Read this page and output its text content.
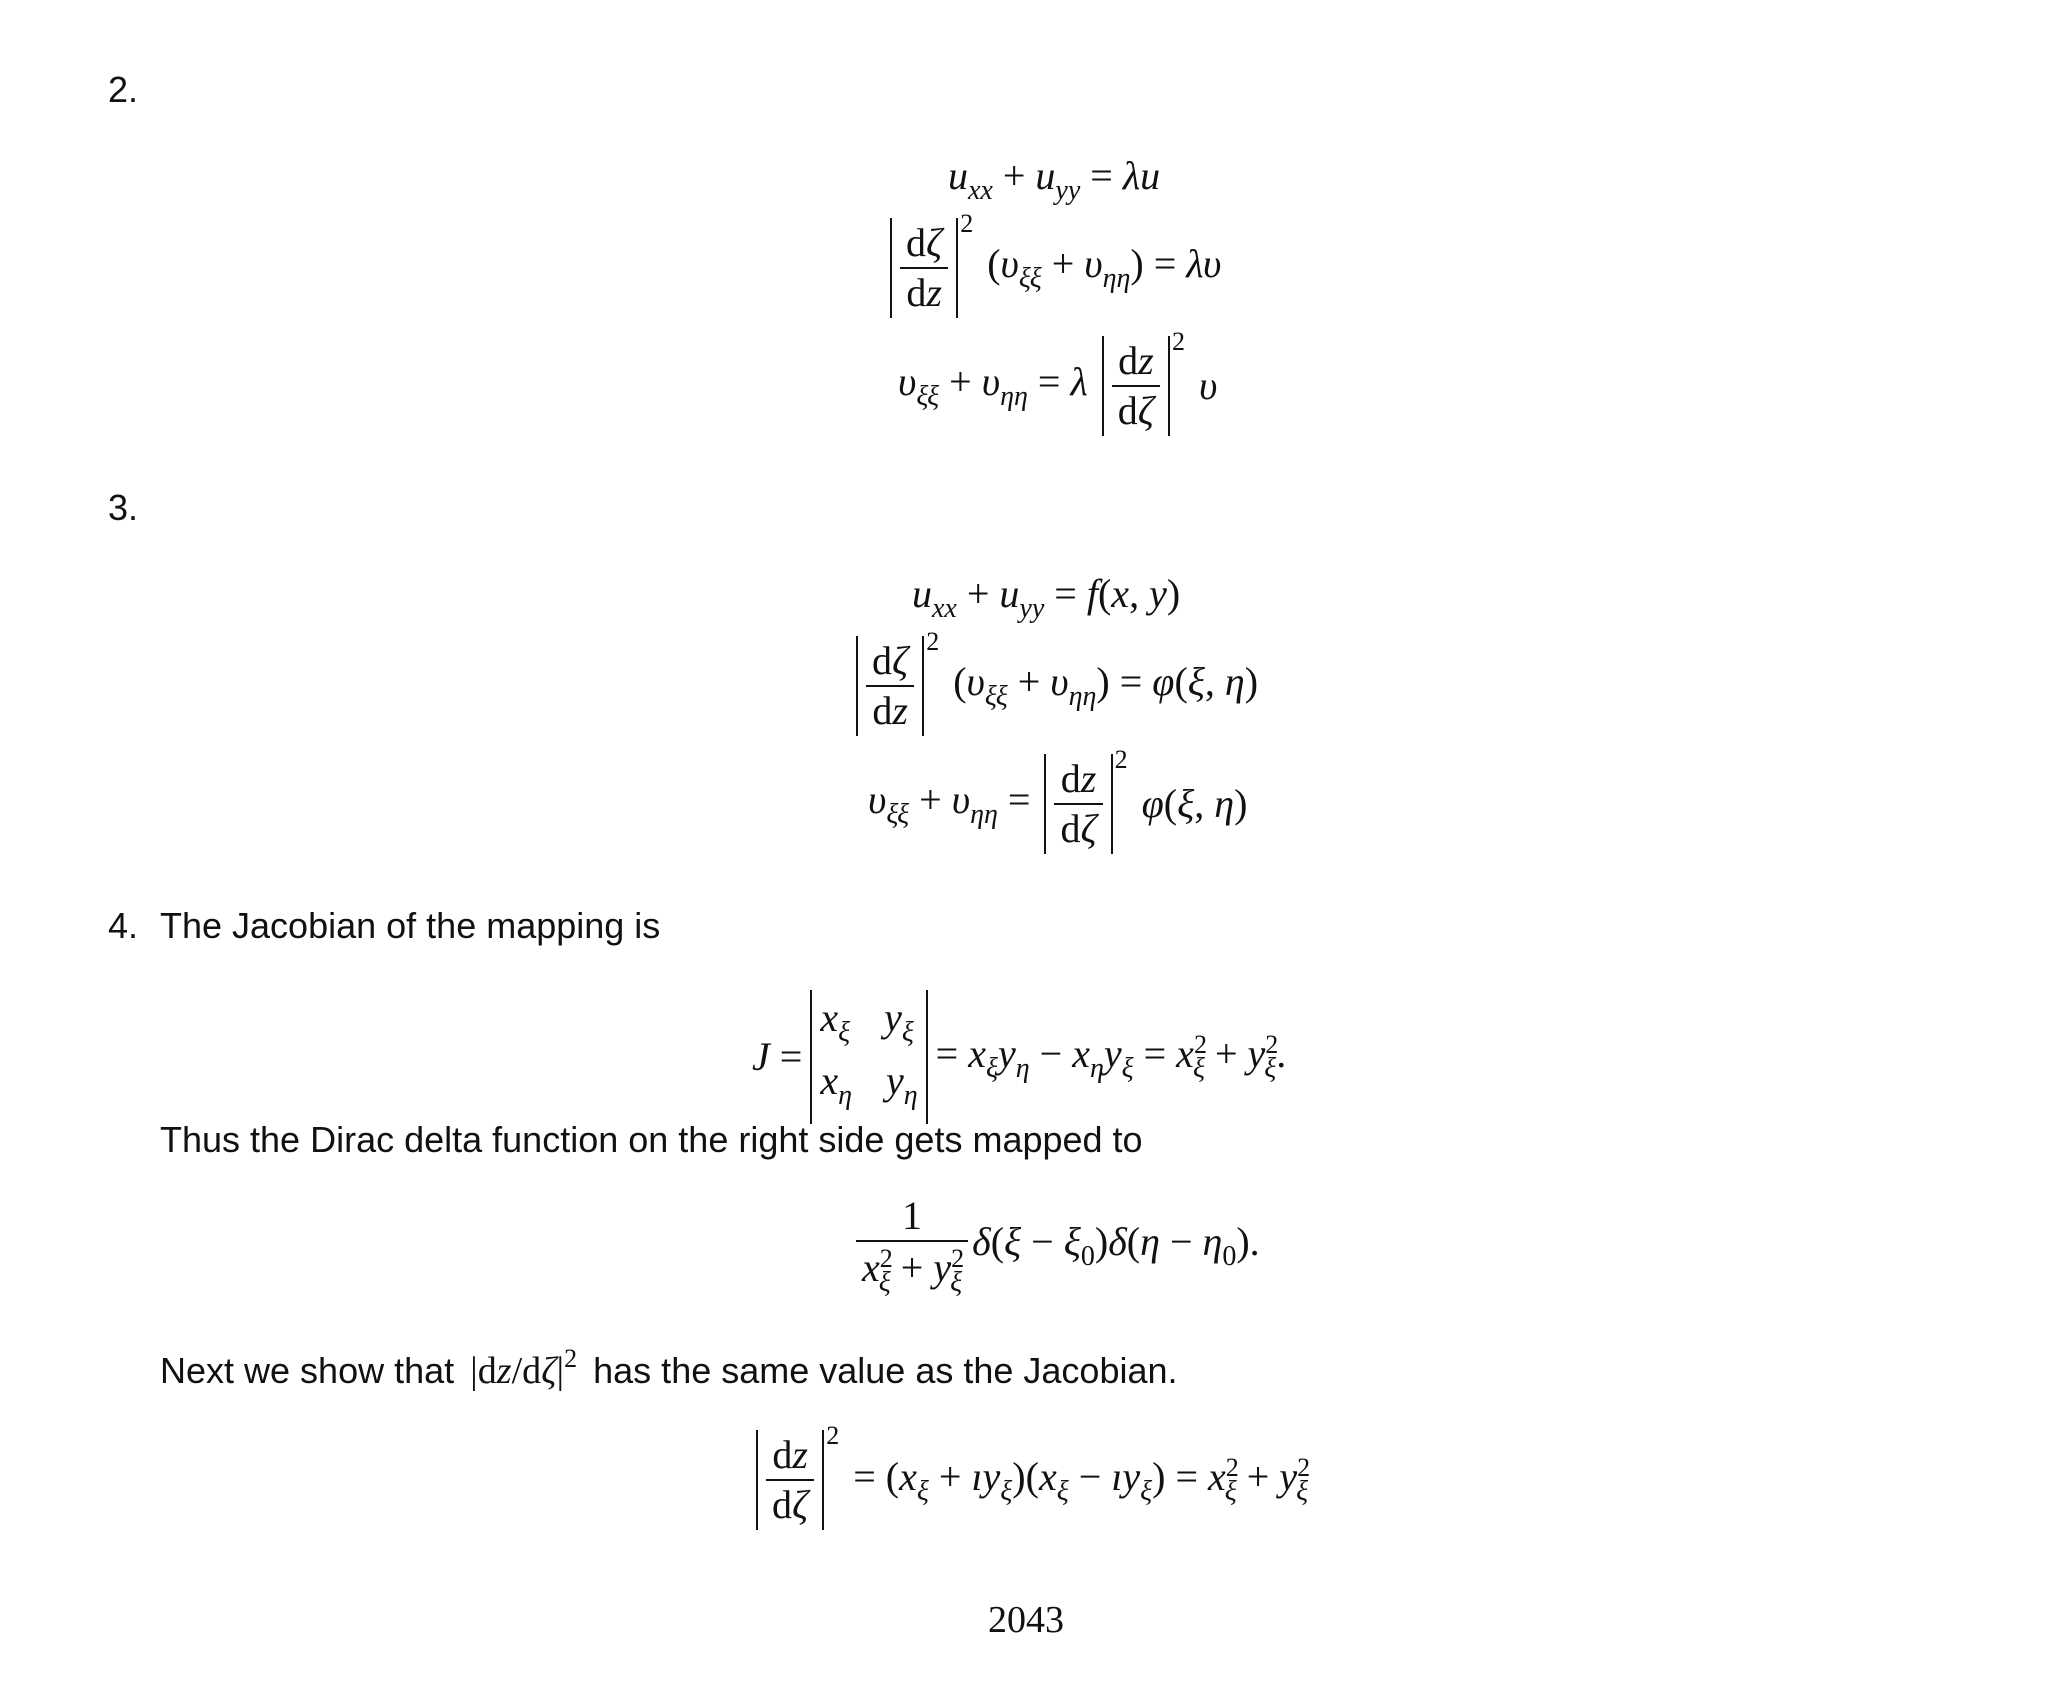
2.
$u_{xx} + u_{yy} = \lambda u$
$\frac{d\zeta}{dz} 2$
$(\upsilon_{\xi\xi} + \upsilon_{\eta\eta}) = \lambda\upsilon$
$\upsilon_{\xi\xi} + \upsilon_{\eta\eta} = \lambda \frac{dz}{d\zeta} 2$
υ
3.
$u_{xx} + u_{yy} = f(x$, y)
$\frac{d\zeta}{dz} 2$
$(\upsilon_{\xi\xi} + \upsilon_{\eta\eta}) = \varphi(\xi$, η)
$\upsilon_{\xi\xi} + \upsilon_{\eta\eta} = \frac{dz}{d\zeta} 2$
φ(ξ, η)
4. The Jacobian of the mapping is
J =
$x_\xi$ $y_\xi$
$x_\eta$ $y_\eta$
= $x_\xi y_\eta - x_\eta y_\xi = x^2_\xi + y^2_\xi$.
Thus the Dirac delta function on the right side gets mapped to
$\frac{1}{x^2_\xi + y^2_\xi} \delta(\xi - \xi_0)\delta(\eta - \eta_0)$.
Next we show that $|dz/d\zeta|^2$ has the same value as the Jacobian.
$\frac{dz}{d\zeta} 2$
= ($x_\xi$ + $ıy_\xi)(x_\xi$ − $ıy_\xi) = x^2_\xi + y^2_\xi$
2043
